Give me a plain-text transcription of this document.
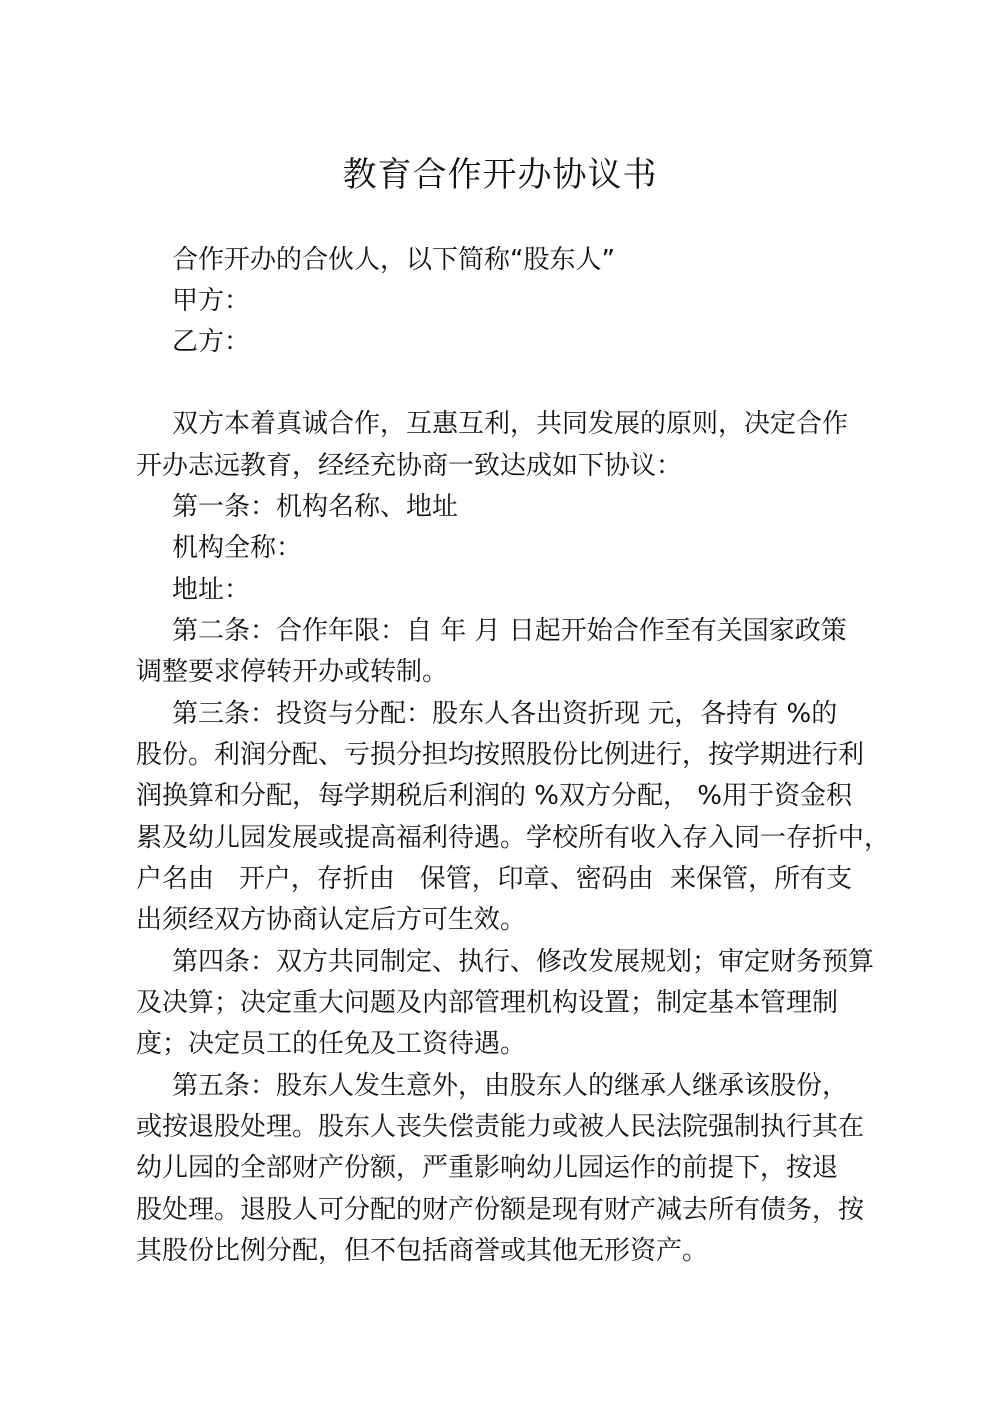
教育合作开办协议书
合作开办的合伙人，以下简称“股东人”
甲方：
乙方：
双方本着真诚合作，互惠互利，共同发展的原则，决定合作
开办志远教育，经经充协商一致达成如下协议：
第一条：机构名称、地址
机构全称：
地址：
第二条：合作年限：自 年 月 日起开始合作至有关国家政策
调整要求停转开办或转制。
第三条：投资与分配：股东人各出资折现 元，各持有 %的
股份。利润分配、亏损分担均按照股份比例进行，按学期进行利
润换算和分配，每学期税后利润的 %双方分配， %用于资金积
累及幼儿园发展或提高福利待遇。学校所有收入存入同一存折中，
户名由   开户，存折由   保管，印章、密码由  来保管，所有支
出须经双方协商认定后方可生效。
第四条：双方共同制定、执行、修改发展规划；审定财务预算
及决算；决定重大问题及内部管理机构设置；制定基本管理制
度；决定员工的任免及工资待遇。
第五条：股东人发生意外，由股东人的继承人继承该股份，
或按退股处理。股东人丧失偿责能力或被人民法院强制执行其在
幼儿园的全部财产份额，严重影响幼儿园运作的前提下，按退
股处理。退股人可分配的财产份额是现有财产减去所有债务，按
其股份比例分配，但不包括商誉或其他无形资产。
